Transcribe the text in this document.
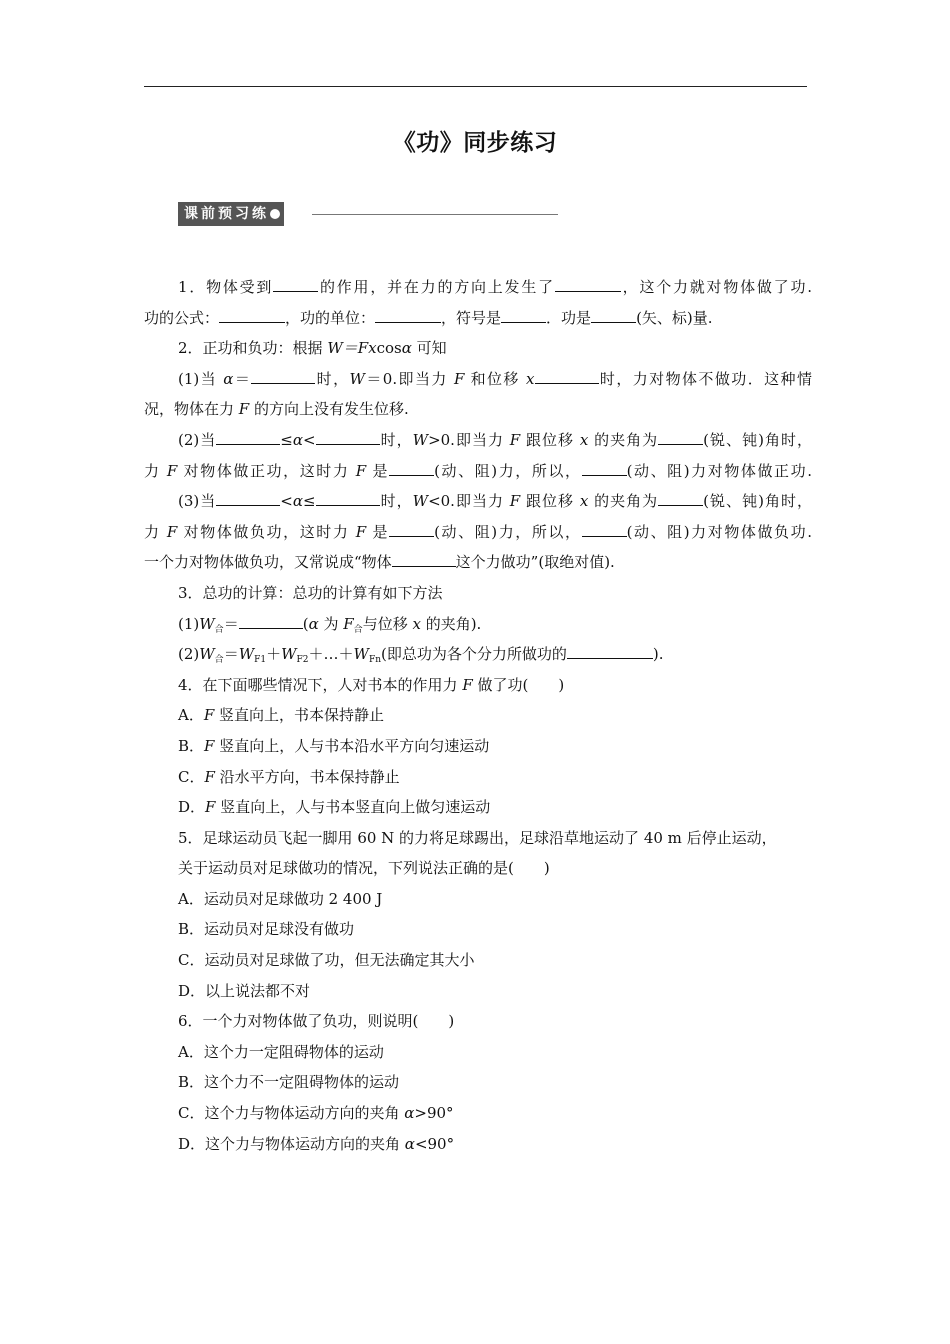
《功》同步练习
课前预习练
1．物体受到	的作用，并在力的方向上发生了	，这个力就对物体做了功.
功的公式：	，功的单位：	，符号是	．功是	(矢、标)量.
2．正功和负功：根据 W＝Fxcosα 可知
(1)当 α＝	时，W＝0.即当力 F 和位移 x	时，力对物体不做功．这种情
况，物体在力 F 的方向上没有发生位移.
(2)当	≤α<	时，W>0.即当力 F 跟位移 x 的夹角为	(锐、钝)角时，
力 F 对物体做正功，这时力 F 是	(动、阻)力，所以，	(动、阻)力对物体做正功.
(3)当	<α≤	时，W<0.即当力 F 跟位移 x 的夹角为	(锐、钝)角时，
力 F 对物体做负功，这时力 F 是	(动、阻)力，所以，	(动、阻)力对物体做负功.
一个力对物体做负功，又常说成“物体	这个力做功”(取绝对值).
3．总功的计算：总功的计算有如下方法
$(1)W_合=$	(α 为 $F_合$与位移 x 的夹角).
$(2)W_合=W_{F1}+W_{F2}+\dots+W_{Fn}$(即总功为各个分力所做功的	).
4．在下面哪些情况下，人对书本的作用力 F 做了功(　　)
A．F 竖直向上，书本保持静止
B．F 竖直向上，人与书本沿水平方向匀速运动
C．F 沿水平方向，书本保持静止
D．F 竖直向上，人与书本竖直向上做匀速运动
5．足球运动员飞起一脚用 60 N 的力将足球踢出，足球沿草地运动了 40 m 后停止运动，
关于运动员对足球做功的情况，下列说法正确的是(　　)
A．运动员对足球做功 2 400 J
B．运动员对足球没有做功
C．运动员对足球做了功，但无法确定其大小
D．以上说法都不对
6．一个力对物体做了负功，则说明(　　)
A．这个力一定阻碍物体的运动
B．这个力不一定阻碍物体的运动
C．这个力与物体运动方向的夹角 α>90°
D．这个力与物体运动方向的夹角 α<90°
